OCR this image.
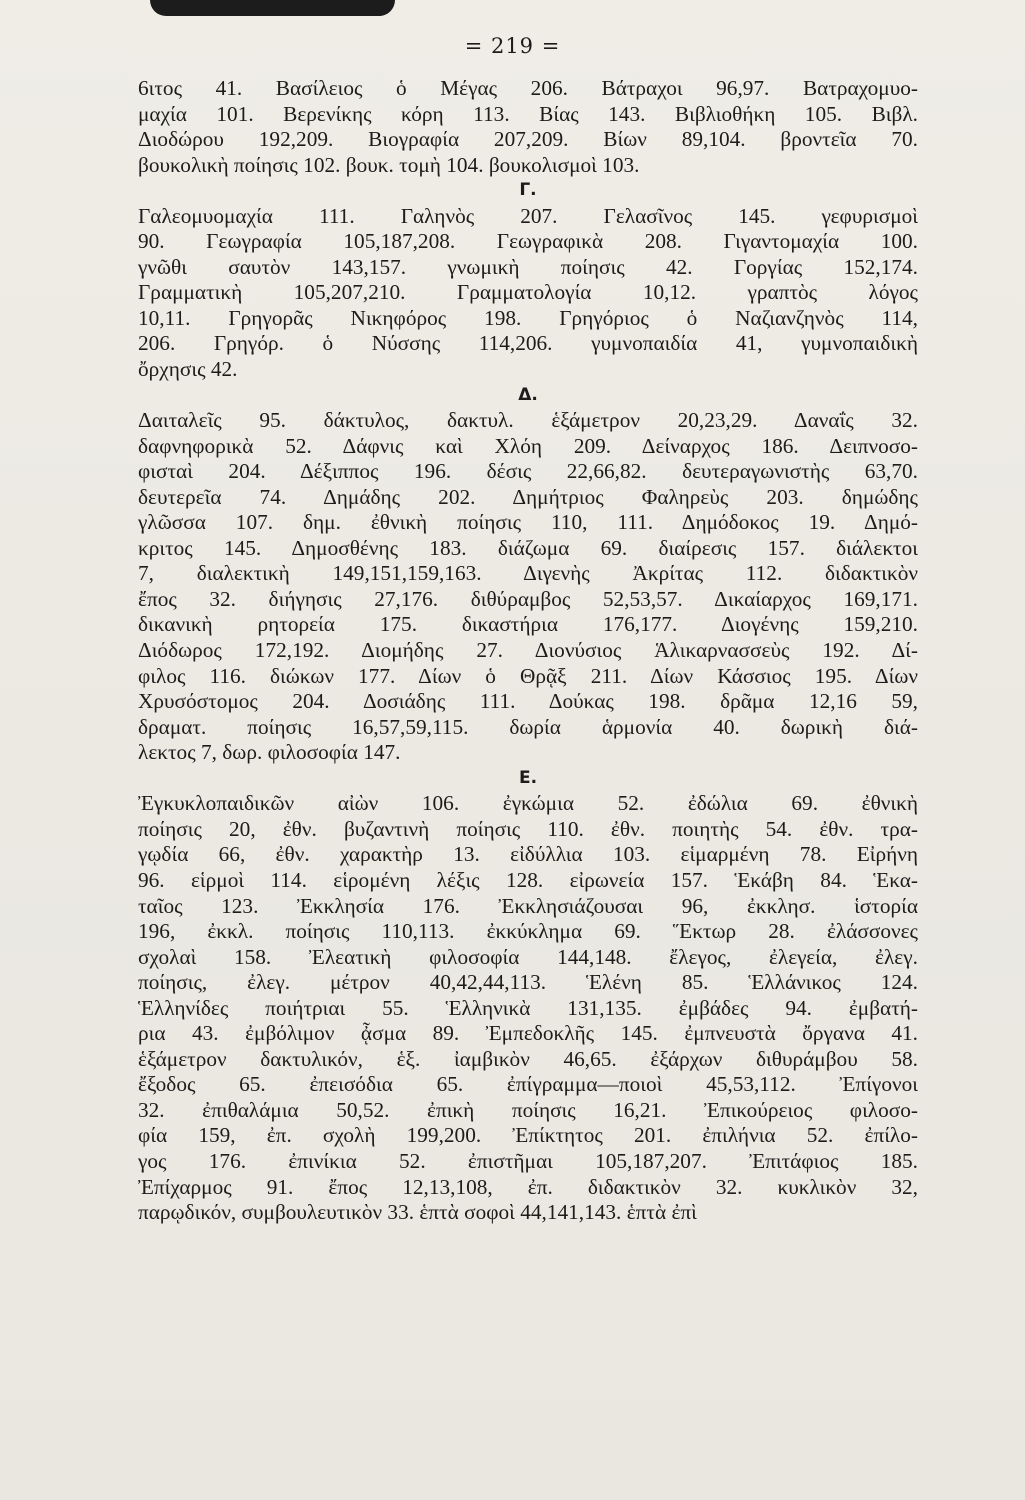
= 219 =
6ιτος 41. Βασίλειος ὁ Μέγας 206. Βάτραχοι 96,97. Βατραχομυο-
μαχία 101. Βερενίκης κόρη 113. Βίας 143. Βιβλιοθήκη 105. Βιβλ.
Διοδώρου 192,209. Βιογραφία 207,209. Βίων 89,104. βροντεῖα 70.
βουκολικὴ ποίησις 102. βουκ. τομὴ 104. βουκολισμοὶ 103.
Γ.
Γαλεομυομαχία 111. Γαληνὸς 207. Γελασῖνος 145. γεφυρισμοὶ
90. Γεωγραφία 105,187,208. Γεωγραφικὰ 208. Γιγαντομαχία 100.
γνῶθι σαυτὸν 143,157. γνωμικὴ ποίησις 42. Γοργίας 152,174.
Γραμματικὴ 105,207,210. Γραμματολογία 10,12. γραπτὸς λόγος
10,11. Γρηγορᾶς Νικηφόρος 198. Γρηγόριος ὁ Ναζιανζηνὸς 114,
206. Γρηγόρ. ὁ Νύσσης 114,206. γυμνοπαιδία 41, γυμνοπαιδικὴ
ὄρχησις 42.
Δ.
Δαιταλεῖς 95. δάκτυλος, δακτυλ. ἑξάμετρον 20,23,29. Δαναΐς 32.
δαφνηφορικὰ 52. Δάφνις καὶ Χλόη 209. Δείναρχος 186. Δειπνοσο-
φισταὶ 204. Δέξιππος 196. δέσις 22,66,82. δευτεραγωνιστὴς 63,70.
δευτερεῖα 74. Δημάδης 202. Δημήτριος Φαληρεὺς 203. δημώδης
γλῶσσα 107. δημ. ἐθνικὴ ποίησις 110, 111. Δημόδοκος 19. Δημό-
κριτος 145. Δημοσθένης 183. διάζωμα 69. διαίρεσις 157. διάλεκτοι
7, διαλεκτικὴ 149,151,159,163. Διγενὴς Ἀκρίτας 112. διδακτικὸν
ἔπος 32. διήγησις 27,176. διθύραμβος 52,53,57. Δικαίαρχος 169,171.
δικανικὴ ρητορεία 175. δικαστήρια 176,177. Διογένης 159,210.
Διόδωρος 172,192. Διομήδης 27. Διονύσιος Ἁλικαρνασσεὺς 192. Δί-
φιλος 116. διώκων 177. Δίων ὁ Θρᾷξ 211. Δίων Κάσσιος 195. Δίων
Χρυσόστομος 204. Δοσιάδης 111. Δούκας 198. δρᾶμα 12,16 59,
δραματ. ποίησις 16,57,59,115. δωρία ἁρμονία 40. δωρικὴ διά-
λεκτος 7, δωρ. φιλοσοφία 147.
Ε.
Ἐγκυκλοπαιδικῶν αἰὼν 106. ἐγκώμια 52. ἐδώλια 69. ἐθνικὴ
ποίησις 20, ἐθν. βυζαντινὴ ποίησις 110. ἐθν. ποιητὴς 54. ἐθν. τρα-
γῳδία 66, ἐθν. χαρακτὴρ 13. εἰδύλλια 103. εἱμαρμένη 78. Εἰρήνη
96. εἱρμοὶ 114. εἱρομένη λέξις 128. εἰρωνεία 157. Ἑκάβη 84. Ἑκα-
ταῖος 123. Ἐκκλησία 176. Ἐκκλησιάζουσαι 96, ἐκκλησ. ἱστορία
196, ἐκκλ. ποίησις 110,113. ἐκκύκλημα 69. Ἕκτωρ 28. ἐλάσσονες
σχολαὶ 158. Ἐλεατικὴ φιλοσοφία 144,148. ἔλεγος, ἐλεγεία, ἐλεγ.
ποίησις, ἐλεγ. μέτρον 40,42,44,113. Ἑλένη 85. Ἑλλάνικος 124.
Ἑλληνίδες ποιήτριαι 55. Ἑλληνικὰ 131,135. ἐμβάδες 94. ἐμβατή-
ρια 43. ἐμβόλιμον ᾆσμα 89. Ἐμπεδοκλῆς 145. ἐμπνευστὰ ὄργανα 41.
ἑξάμετρον δακτυλικόν, ἑξ. ἰαμβικὸν 46,65. ἐξάρχων διθυράμβου 58.
ἔξοδος 65. ἐπεισόδια 65. ἐπίγραμμα—ποιοὶ 45,53,112. Ἐπίγονοι
32. ἐπιθαλάμια 50,52. ἐπικὴ ποίησις 16,21. Ἐπικούρειος φιλοσο-
φία 159, ἐπ. σχολὴ 199,200. Ἐπίκτητος 201. ἐπιλήνια 52. ἐπίλο-
γος 176. ἐπινίκια 52. ἐπιστῆμαι 105,187,207. Ἐπιτάφιος 185.
Ἐπίχαρμος 91. ἔπος 12,13,108, ἐπ. διδακτικὸν 32. κυκλικὸν 32,
παρῳδικόν, συμβουλευτικὸν 33. ἑπτὰ σοφοὶ 44,141,143. ἑπτὰ ἐπὶ
